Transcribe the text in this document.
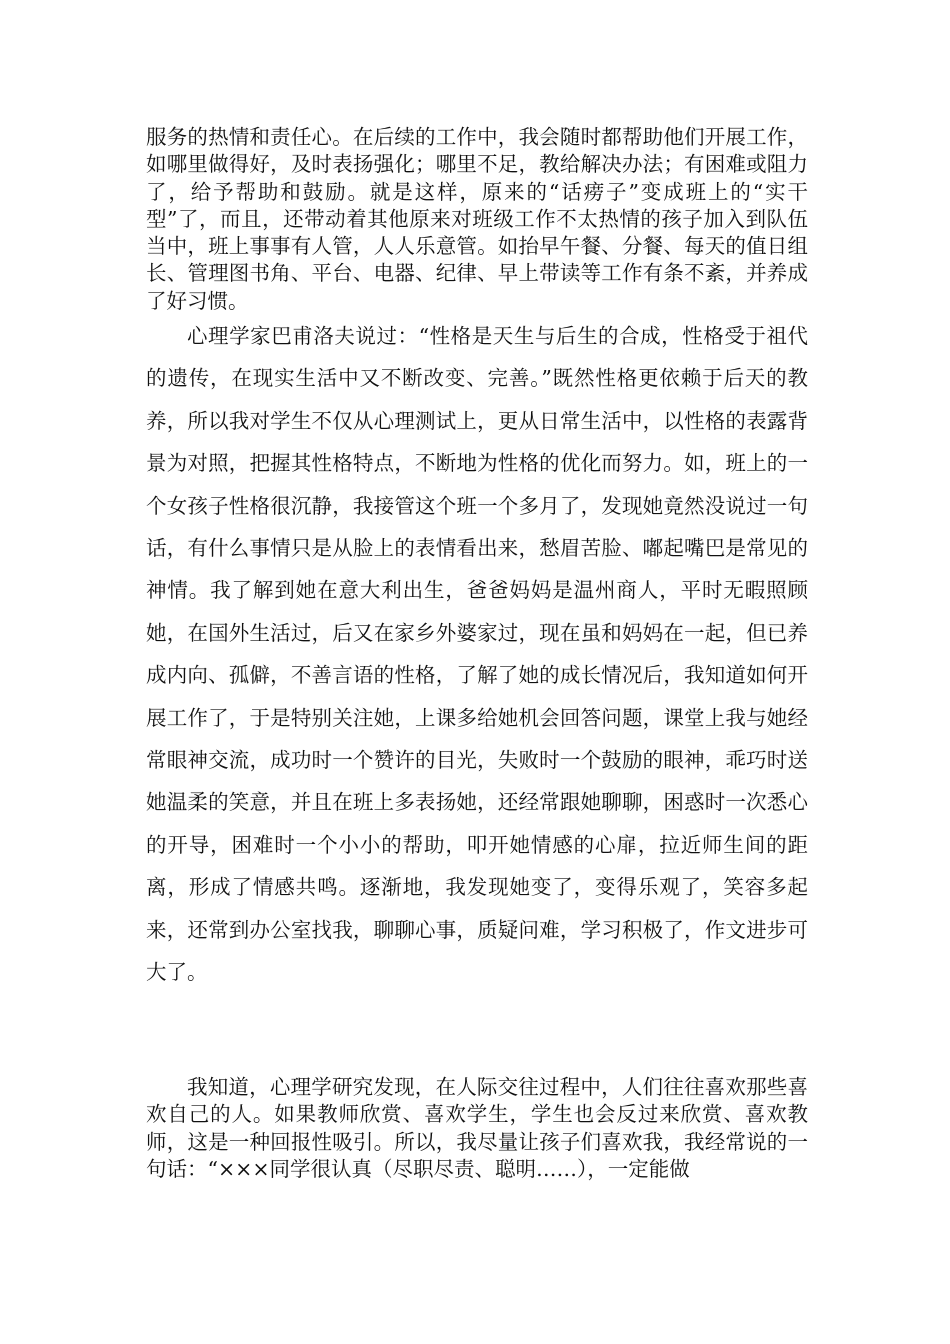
服务的热情和责任心。在后续的工作中，我会随时都帮助他们开展工作，如哪里做得好，及时表扬强化；哪里不足，教给解决办法；有困难或阻力了，给予帮助和鼓励。就是这样，原来的“话痨子”变成班上的“实干型”了，而且，还带动着其他原来对班级工作不太热情的孩子加入到队伍当中，班上事事有人管，人人乐意管。如抬早午餐、分餐、每天的值日组长、管理图书角、平台、电器、纪律、早上带读等工作有条不紊，并养成了好习惯。

心理学家巴甫洛夫说过：“性格是天生与后生的合成，性格受于祖代的遗传，在现实生活中又不断改变、完善。”既然性格更依赖于后天的教养，所以我对学生不仅从心理测试上，更从日常生活中，以性格的表露背景为对照，把握其性格特点，不断地为性格的优化而努力。如，班上的一个女孩子性格很沉静，我接管这个班一个多月了，发现她竟然没说过一句话，有什么事情只是从脸上的表情看出来，愁眉苦脸、嘟起嘴巴是常见的神情。我了解到她在意大利出生，爸爸妈妈是温州商人，平时无暇照顾她，在国外生活过，后又在家乡外婆家过，现在虽和妈妈在一起，但已养成内向、孤僻，不善言语的性格，了解了她的成长情况后，我知道如何开展工作了，于是特别关注她，上课多给她机会回答问题，课堂上我与她经常眼神交流，成功时一个赞许的目光，失败时一个鼓励的眼神，乖巧时送她温柔的笑意，并且在班上多表扬她，还经常跟她聊聊，困惑时一次悉心的开导，困难时一个小小的帮助，叩开她情感的心扉，拉近师生间的距离，形成了情感共鸣。逐渐地，我发现她变了，变得乐观了，笑容多起来，还常到办公室找我，聊聊心事，质疑问难，学习积极了，作文进步可大了。

我知道，心理学研究发现，在人际交往过程中，人们往往喜欢那些喜欢自己的人。如果教师欣赏、喜欢学生，学生也会反过来欣赏、喜欢教师，这是一种回报性吸引。所以，我尽量让孩子们喜欢我，我经常说的一句话：“×××同学很认真（尽职尽责、聪明……），一定能做
